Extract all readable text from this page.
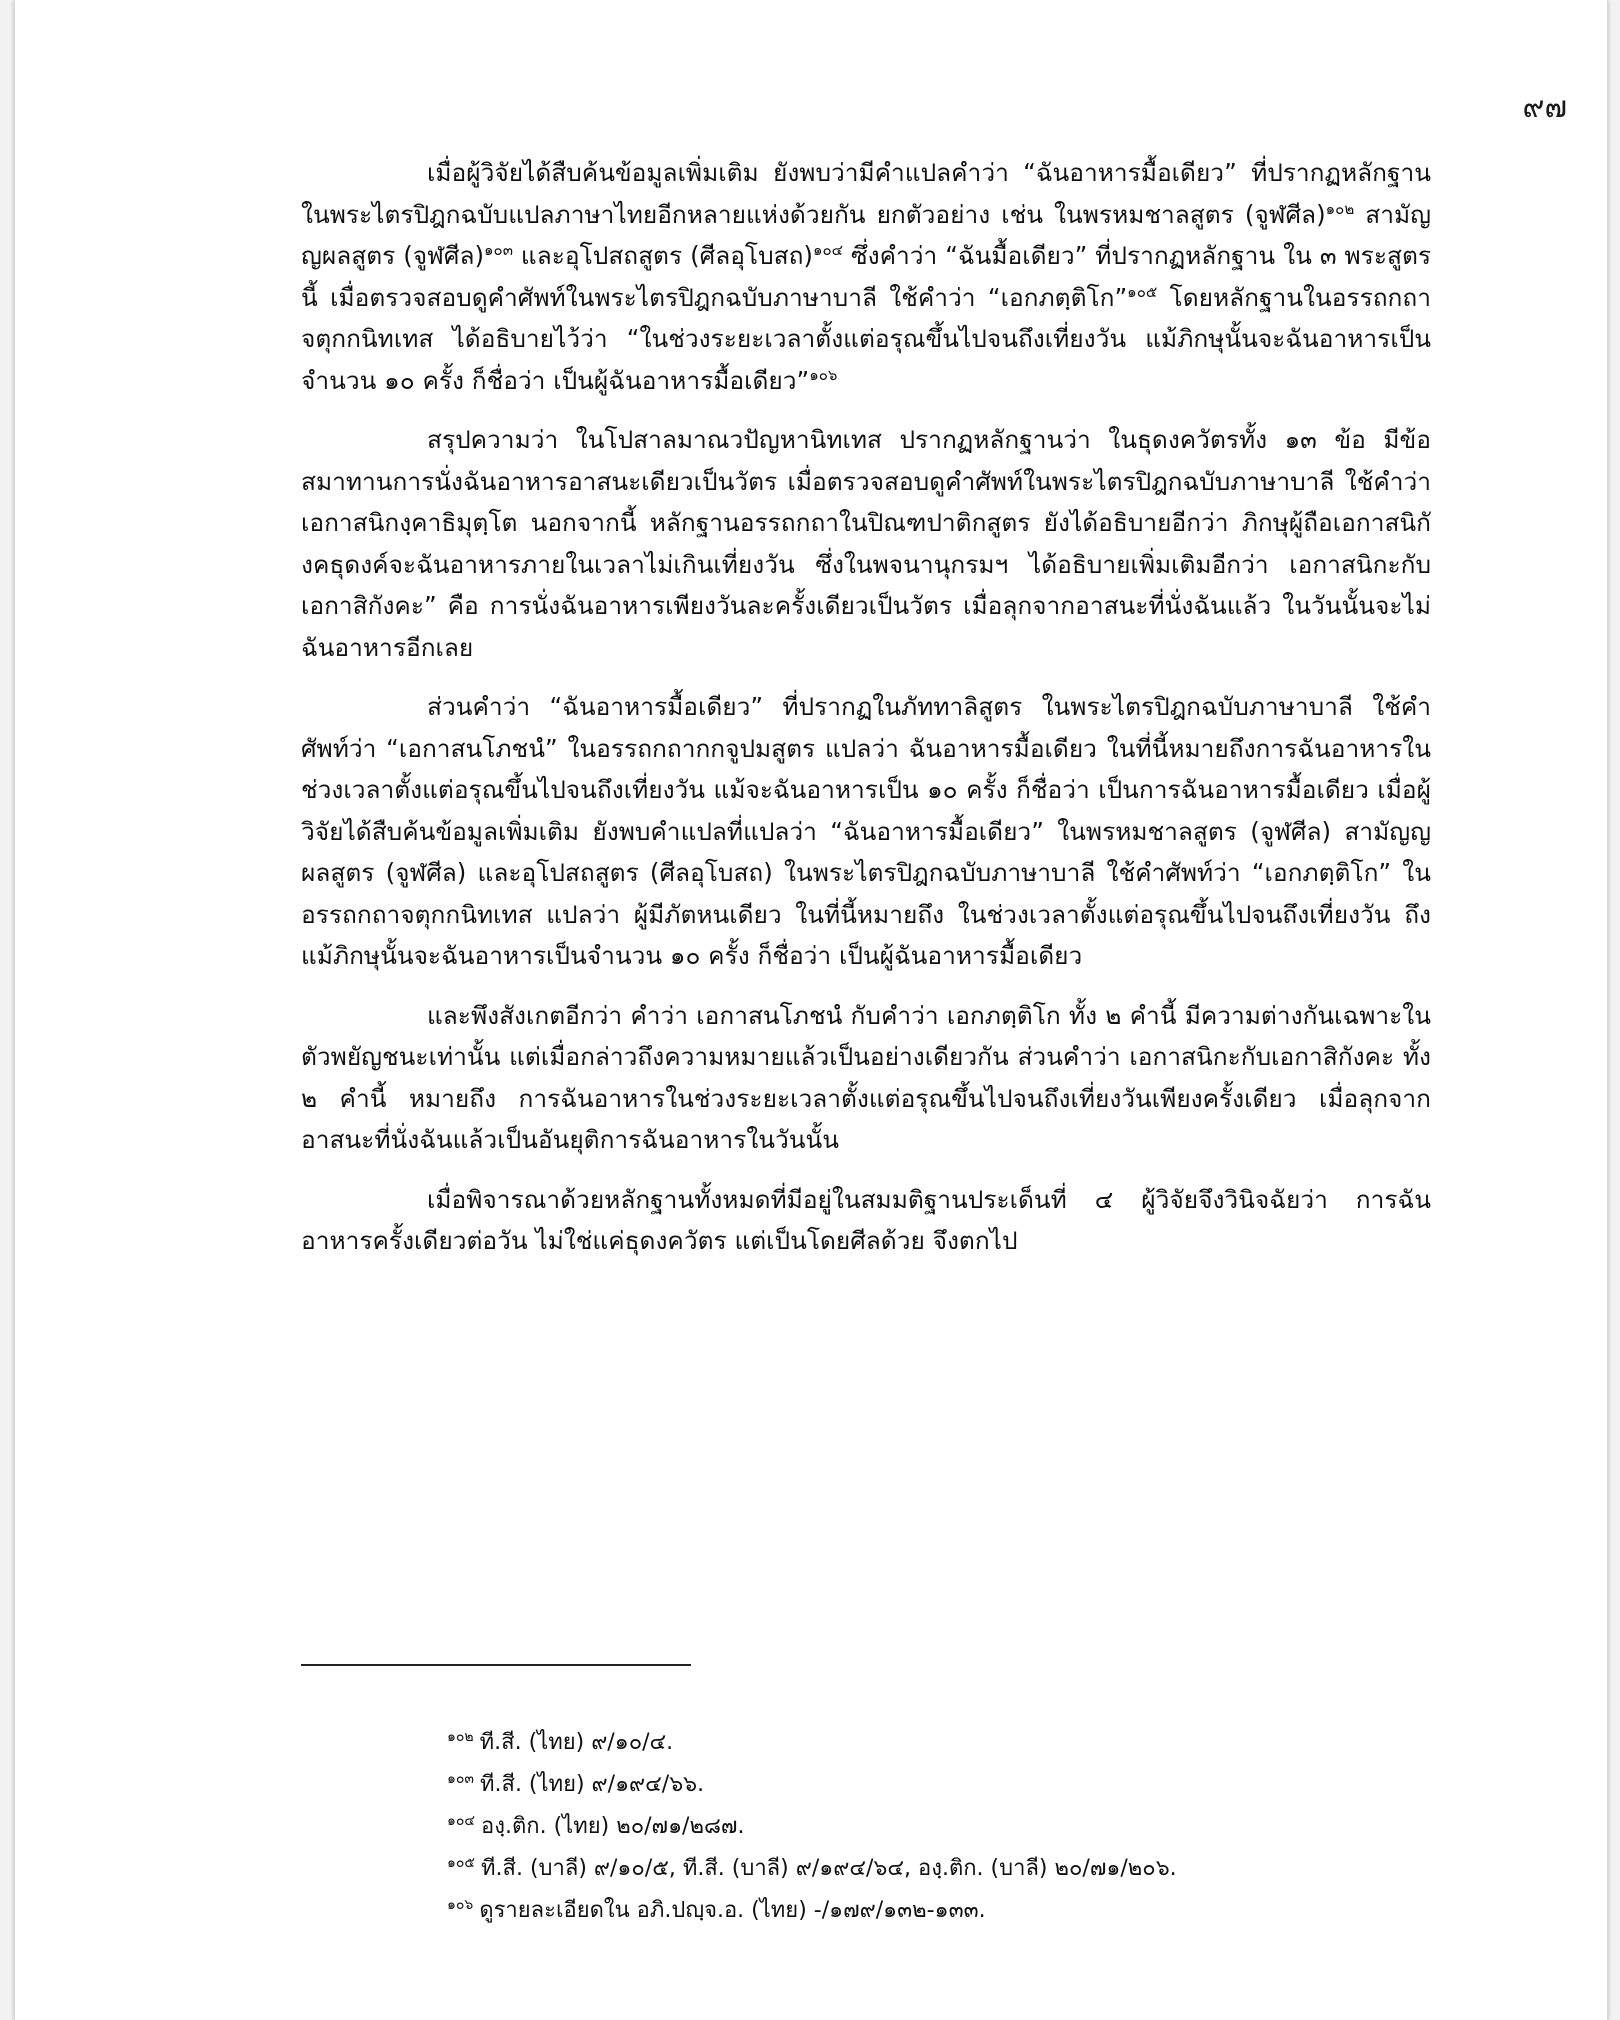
๙๗

เมื่อผู้วิจัยได้สืบค้นข้อมูลเพิ่มเติม ยังพบว่ามีคำแปลคำว่า “ฉันอาหารมื้อเดียว” ที่ปรากฏหลักฐานในพระไตรปิฎกฉบับแปลภาษาไทยอีกหลายแห่งด้วยกัน ยกตัวอย่าง เช่น ในพรหมชาลสูตร (จูฬศีล)$^{๑๐๒}$ สามัญญผลสูตร (จูฬศีล)$^{๑๐๓}$ และอุโปสถสูตร (ศีลอุโบสถ)$^{๑๐๔}$ ซึ่งคำว่า “ฉันมื้อเดียว” ที่ปรากฏหลักฐาน ใน ๓ พระสูตรนี้ เมื่อตรวจสอบดูคำศัพท์ในพระไตรปิฎกฉบับภาษาบาลี ใช้คำว่า “เอกภตฺติโก”$^{๑๐๕}$ โดยหลักฐานในอรรถกถาจตุกกนิทเทส ได้อธิบายไว้ว่า “ในช่วงระยะเวลาตั้งแต่อรุณขึ้นไปจนถึงเที่ยงวัน แม้ภิกษุนั้นจะฉันอาหารเป็นจำนวน ๑๐ ครั้ง ก็ชื่อว่า เป็นผู้ฉันอาหารมื้อเดียว”$^{๑๐๖}$

สรุปความว่า ในโปสาลมาณวปัญหานิทเทส ปรากฏหลักฐานว่า ในธุดงควัตรทั้ง ๑๓ ข้อ มีข้อสมาทานการนั่งฉันอาหารอาสนะเดียวเป็นวัตร เมื่อตรวจสอบดูคำศัพท์ในพระไตรปิฎกฉบับภาษาบาลี ใช้คำว่า เอกาสนิกงฺคาธิมุตฺโต นอกจากนี้ หลักฐานอรรถกถาในปิณฑปาติกสูตร ยังได้อธิบายอีกว่า ภิกษุผู้ถือเอกาสนิกังคธุดงค์จะฉันอาหารภายในเวลาไม่เกินเที่ยงวัน ซึ่งในพจนานุกรมฯ ได้อธิบายเพิ่มเติมอีกว่า เอกาสนิกะกับเอกาสิกังคะ” คือ การนั่งฉันอาหารเพียงวันละครั้งเดียวเป็นวัตร เมื่อลุกจากอาสนะที่นั่งฉันแล้ว ในวันนั้นจะไม่ฉันอาหารอีกเลย

ส่วนคำว่า “ฉันอาหารมื้อเดียว” ที่ปรากฏในภัททาลิสูตร ในพระไตรปิฎกฉบับภาษาบาลี ใช้คำศัพท์ว่า “เอกาสนโภชนํ” ในอรรถกถากกจูปมสูตร แปลว่า ฉันอาหารมื้อเดียว ในที่นี้หมายถึงการฉันอาหารในช่วงเวลาตั้งแต่อรุณขึ้นไปจนถึงเที่ยงวัน แม้จะฉันอาหารเป็น ๑๐ ครั้ง ก็ชื่อว่า เป็นการฉันอาหารมื้อเดียว เมื่อผู้วิจัยได้สืบค้นข้อมูลเพิ่มเติม ยังพบคำแปลที่แปลว่า “ฉันอาหารมื้อเดียว” ในพรหมชาลสูตร (จูฬศีล) สามัญญผลสูตร (จูฬศีล) และอุโปสถสูตร (ศีลอุโบสถ) ในพระไตรปิฎกฉบับภาษาบาลี ใช้คำศัพท์ว่า “เอกภตฺติโก” ในอรรถกถาจตุกกนิทเทส แปลว่า ผู้มีภัตหนเดียว ในที่นี้หมายถึง ในช่วงเวลาตั้งแต่อรุณขึ้นไปจนถึงเที่ยงวัน ถึงแม้ภิกษุนั้นจะฉันอาหารเป็นจำนวน ๑๐ ครั้ง ก็ชื่อว่า เป็นผู้ฉันอาหารมื้อเดียว

และพึงสังเกตอีกว่า คำว่า เอกาสนโภชนํ กับคำว่า เอกภตฺติโก ทั้ง ๒ คำนี้ มีความต่างกันเฉพาะในตัวพยัญชนะเท่านั้น แต่เมื่อกล่าวถึงความหมายแล้วเป็นอย่างเดียวกัน ส่วนคำว่า เอกาสนิกะกับเอกาสิกังคะ ทั้ง ๒ คำนี้ หมายถึง การฉันอาหารในช่วงระยะเวลาตั้งแต่อรุณขึ้นไปจนถึงเที่ยงวันเพียงครั้งเดียว เมื่อลุกจากอาสนะที่นั่งฉันแล้วเป็นอันยุติการฉันอาหารในวันนั้น

เมื่อพิจารณาด้วยหลักฐานทั้งหมดที่มีอยู่ในสมมติฐานประเด็นที่ ๔ ผู้วิจัยจึงวินิจฉัยว่า การฉันอาหารครั้งเดียวต่อวัน ไม่ใช่แค่ธุดงควัตร แต่เป็นโดยศีลด้วย จึงตกไป

$^{๑๐๒}$ ที.สี. (ไทย) ๙/๑๐/๔.
$^{๑๐๓}$ ที.สี. (ไทย) ๙/๑๙๔/๖๖.
$^{๑๐๔}$ องฺ.ติก. (ไทย) ๒๐/๗๑/๒๘๗.
$^{๑๐๕}$ ที.สี. (บาลี) ๙/๑๐/๕, ที.สี. (บาลี) ๙/๑๙๔/๖๔, องฺ.ติก. (บาลี) ๒๐/๗๑/๒๐๖.
$^{๑๐๖}$ ดูรายละเอียดใน อภิ.ปญฺจ.อ. (ไทย) -/๑๗๙/๑๓๒-๑๓๓.
